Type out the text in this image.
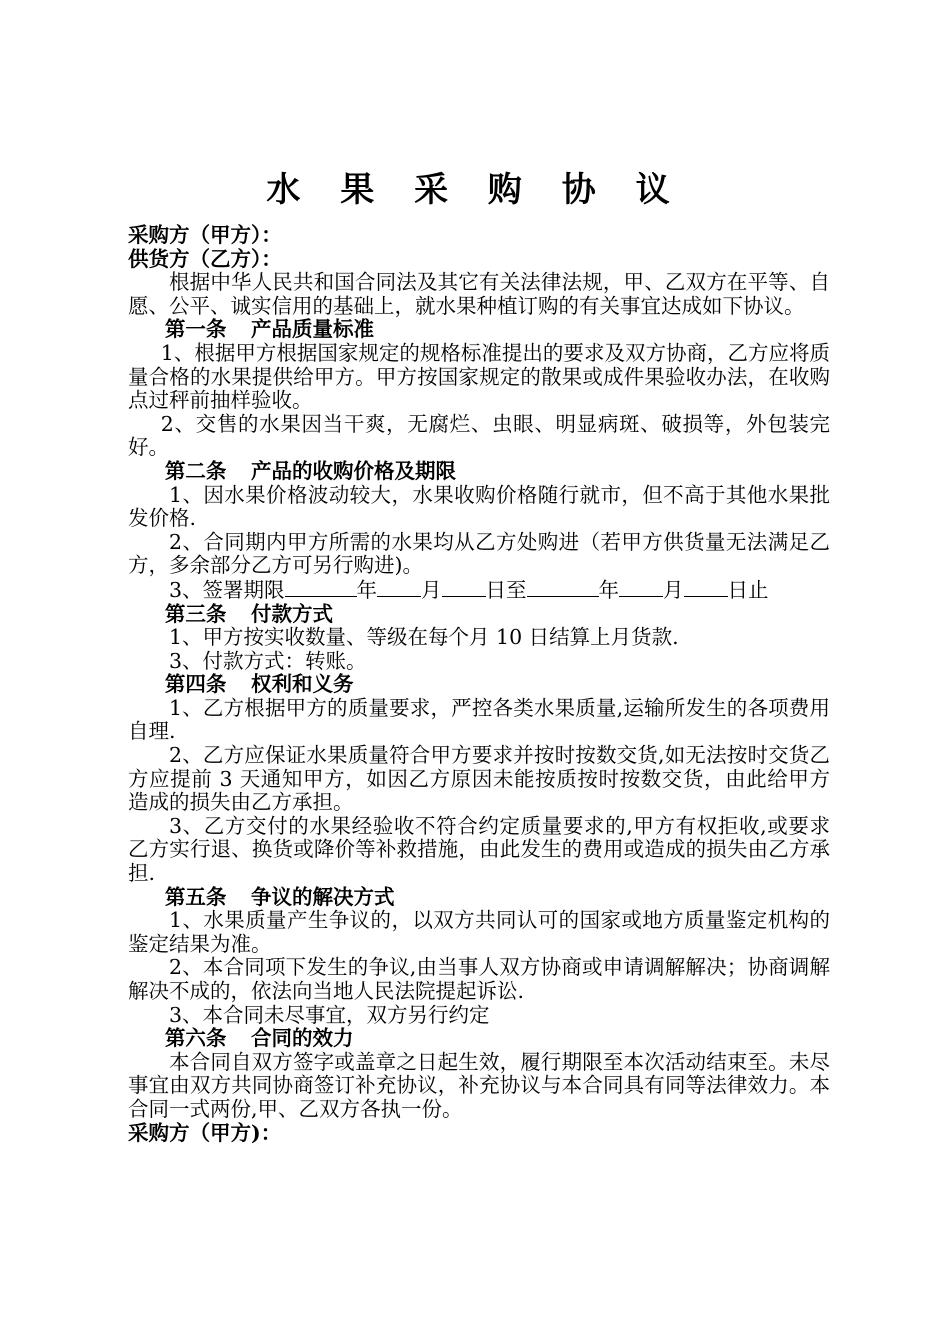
水 果 采 购 协 议

采购方（甲方）：

供货方（乙方）：

根据中华人民共和国合同法及其它有关法律法规，甲、乙双方在平等、自愿、公平、诚实信用的基础上，就水果种植订购的有关事宜达成如下协议。

第一条 产品质量标准

1、根据甲方根据国家规定的规格标准提出的要求及双方协商，乙方应将质量合格的水果提供给甲方。甲方按国家规定的散果或成件果验收办法，在收购点过秤前抽样验收。

2、交售的水果因当干爽，无腐烂、虫眼、明显病斑、破损等，外包装完好。

第二条 产品的收购价格及期限

1、因水果价格波动较大，水果收购价格随行就市，但不高于其他水果批发价格.

2、合同期内甲方所需的水果均从乙方处购进（若甲方供货量无法满足乙方，多余部分乙方可另行购进)。

3、签署期限	年 月 日至	年 月 日止

第三条 付款方式

1、甲方按实收数量、等级在每个月 10 日结算上月货款.

3、付款方式：转账。

第四条 权利和义务

1、乙方根据甲方的质量要求，严控各类水果质量,运输所发生的各项费用自理.

2、乙方应保证水果质量符合甲方要求并按时按数交货,如无法按时交货乙方应提前 3 天通知甲方，如因乙方原因未能按质按时按数交货，由此给甲方造成的损失由乙方承担。

3、乙方交付的水果经验收不符合约定质量要求的,甲方有权拒收,或要求乙方实行退、换货或降价等补救措施，由此发生的费用或造成的损失由乙方承担.

第五条 争议的解决方式

1、水果质量产生争议的，以双方共同认可的国家或地方质量鉴定机构的鉴定结果为准。

2、本合同项下发生的争议,由当事人双方协商或申请调解解决；协商调解解决不成的，依法向当地人民法院提起诉讼.

3、本合同未尽事宜，双方另行约定

第六条 合同的效力

本合同自双方签字或盖章之日起生效，履行期限至本次活动结束至。未尽事宜由双方共同协商签订补充协议，补充协议与本合同具有同等法律效力。本合同一式两份,甲、乙双方各执一份。

采购方（甲方)：
